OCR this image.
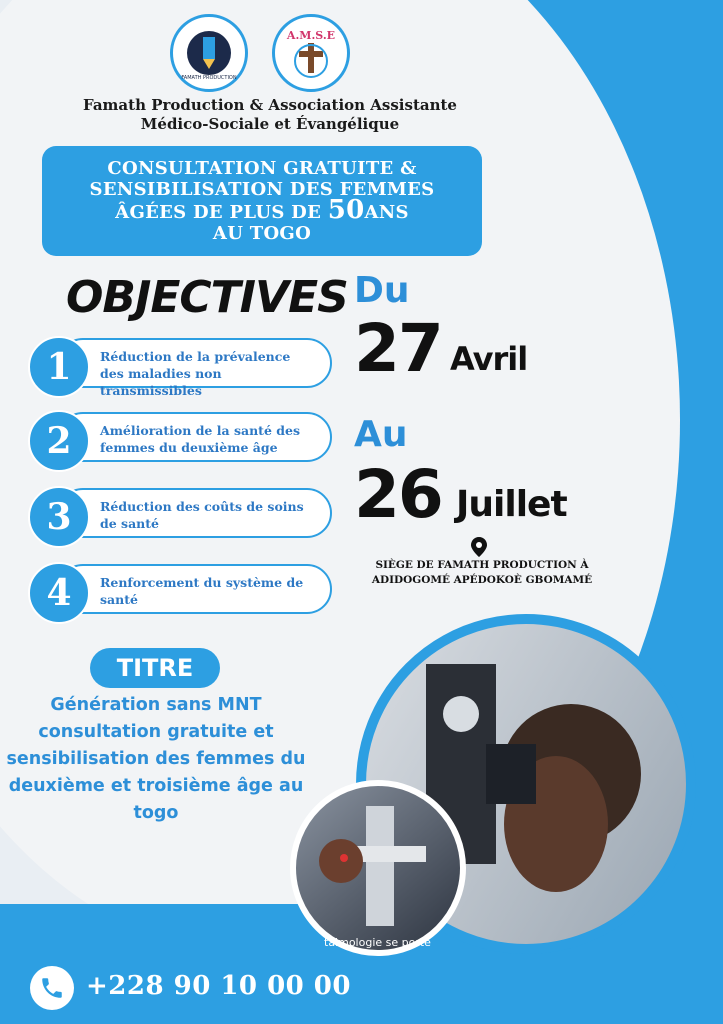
FAMATH PRODUCTION
A.M.S.E
Famath Production & Association Assistante
Médico-Sociale et Évangélique
CONSULTATION GRATUITE &
SENSIBILISATION DES FEMMES
ÂGÉES DE PLUS DE 50ANS
AU TOGO
OBJECTIVES
Réduction de la prévalence des maladies non transmissibles
1
Amélioration de la santé des femmes du deuxième âge
2
Réduction des coûts de soins de santé
3
Renforcement du système de santé
4
Du
27 Avril
Au
26 Juillet
SIÈGE DE FAMATH PRODUCTION À
ADIDOGOMÉ APÉDOKOÈ GBOMAMÉ
TITRE
Génération sans MNT consultation gratuite et sensibilisation des femmes du deuxième et troisième âge au togo
talmologie se porte
+228 90 10 00 00
